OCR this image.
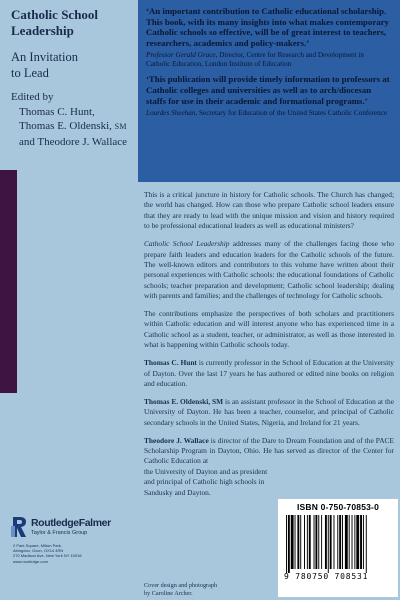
Catholic School
Leadership
An Invitation
to Lead
Edited by
Thomas C. Hunt,
Thomas E. Oldenski, SM
and Theodore J. Wallace
RoutledgeFalmer
Taylor & Francis Group
2 Park Square, Milton Park,
Abingdon, Oxon, OX14 4RN
270 Madison Ave, New York NY 10016
www.routledge.com
‘An important contribution to Catholic educational scholarship. This book, with its many insights into what makes contemporary Catholic schools so effective, will be of great interest to teachers, researchers, academics and policy-makers.’
Professor Gerald Grace, Director, Centre for Research and Development in Catholic Education, London Institute of Education
‘This publication will provide timely information to professors at Catholic colleges and universities as well as to arch/diocesan staffs for use in their academic and formational programs.’
Lourdes Sheehan, Secretary for Education of the United States Catholic Conference

This is a critical juncture in history for Catholic schools. The Church has changed; the world has changed. How can those who prepare Catholic school leaders ensure that they are ready to lead with the unique mission and vision and history required to be professional educational leaders as well as educational ministers?

Catholic School Leadership addresses many of the challenges facing those who prepare faith leaders and education leaders for the Catholic schools of the future. The well-known editors and contributors to this volume have written about their personal experiences with Catholic schools: the educational foundations of Catholic schools; teacher preparation and development; Catholic school leadership; dealing with parents and families; and the challenges of technology for Catholic schools.

The contributions emphasize the perspectives of both scholars and practitioners within Catholic education and will interest anyone who has experienced time in a Catholic school as a student, teacher, or administrator, as well as those interested in what is happening within Catholic schools today.

Thomas C. Hunt is currently professor in the School of Education at the University of Dayton. Over the last 17 years he has authored or edited nine books on religion and education.

Thomas E. Oldenski, SM is an assistant professor in the School of Education at the University of Dayton. He has been a teacher, counselor, and principal of Catholic secondary schools in the United States, Nigeria, and Ireland for 21 years.

Theodore J. Wallace is director of the Dare to Dream Foundation and of the PACE Scholarship Program in Dayton, Ohio. He has served as director of the Center for Catholic Education at

the University of Dayton and as president and principal of Catholic high schools in Sandusky and Dayton.

Cover design and photograph
by Caroline Archer.
ISBN 0-750-70853-0
9 780750 708531
